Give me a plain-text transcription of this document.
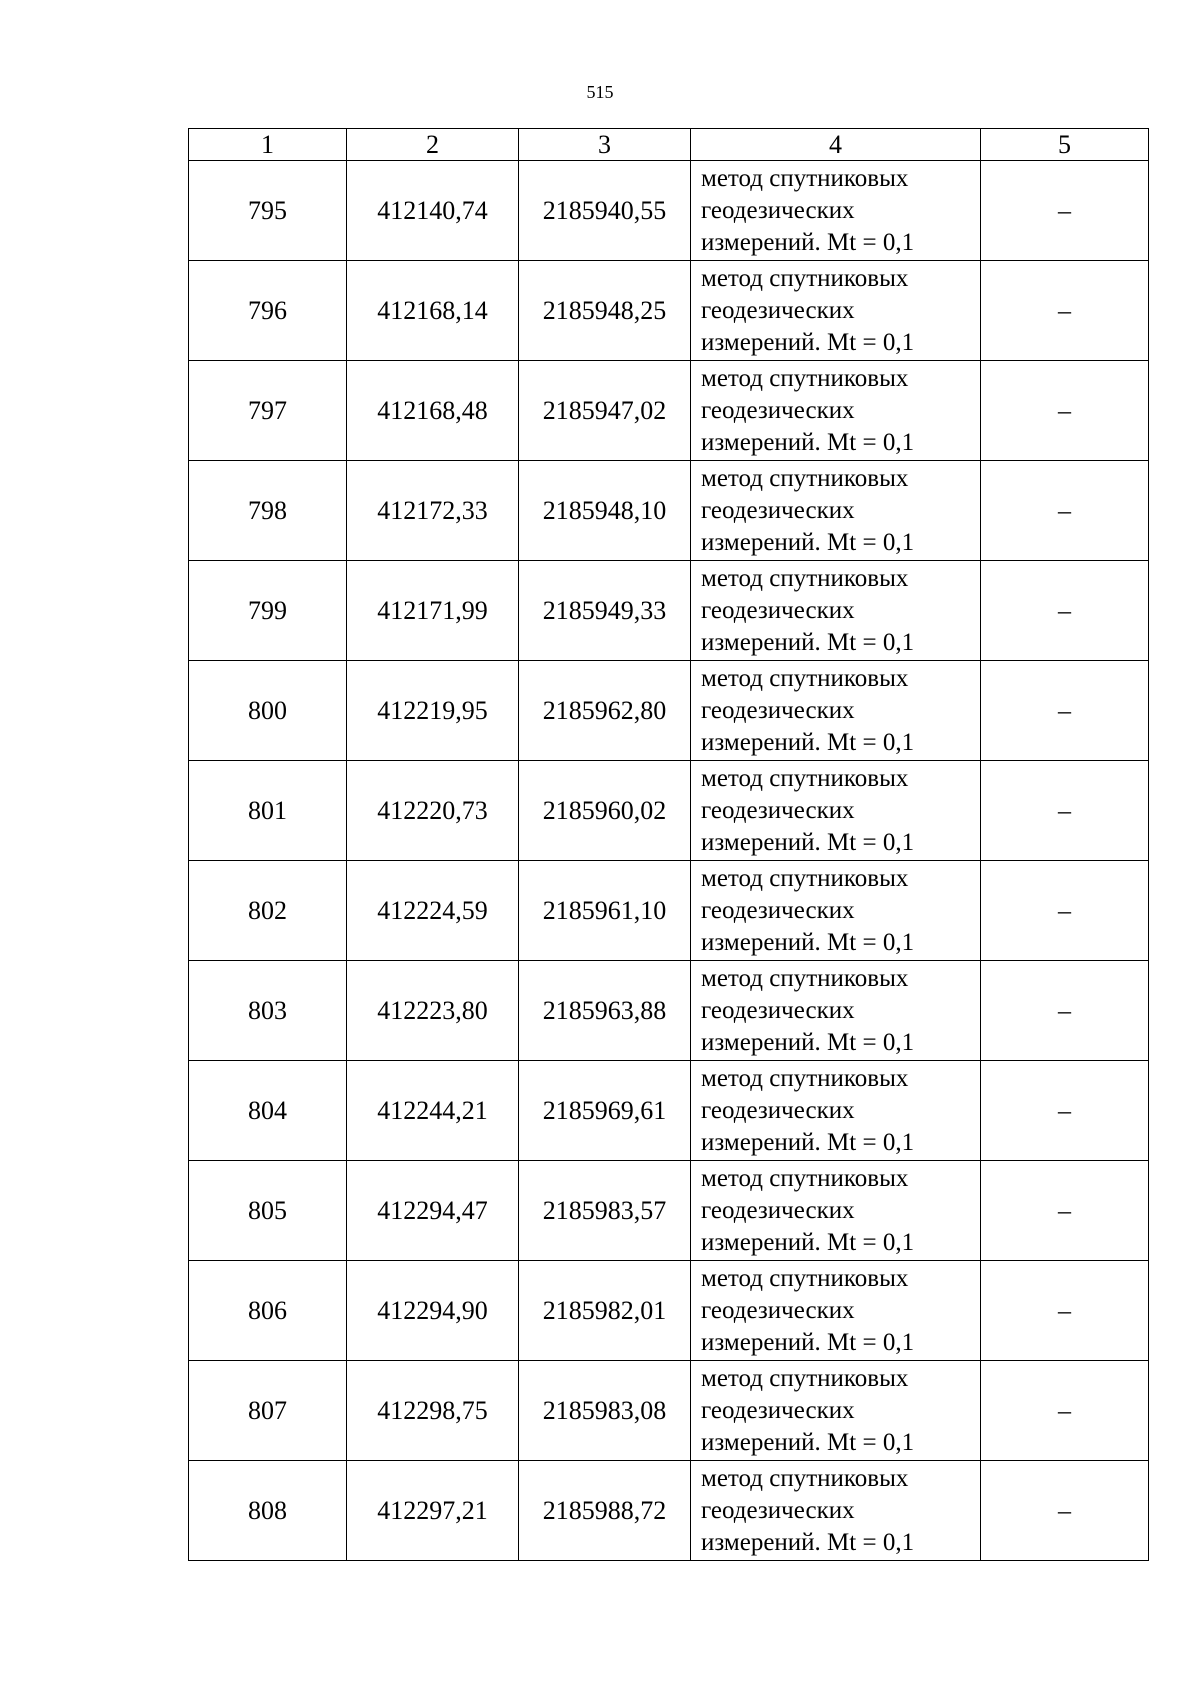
515
1	2	3	4	5
795	412140,74	2185940,55	метод спутниковых
геодезических
измерений. Mt = 0,1	–
796	412168,14	2185948,25	метод спутниковых
геодезических
измерений. Mt = 0,1	–
797	412168,48	2185947,02	метод спутниковых
геодезических
измерений. Mt = 0,1	–
798	412172,33	2185948,10	метод спутниковых
геодезических
измерений. Mt = 0,1	–
799	412171,99	2185949,33	метод спутниковых
геодезических
измерений. Mt = 0,1	–
800	412219,95	2185962,80	метод спутниковых
геодезических
измерений. Mt = 0,1	–
801	412220,73	2185960,02	метод спутниковых
геодезических
измерений. Mt = 0,1	–
802	412224,59	2185961,10	метод спутниковых
геодезических
измерений. Mt = 0,1	–
803	412223,80	2185963,88	метод спутниковых
геодезических
измерений. Mt = 0,1	–
804	412244,21	2185969,61	метод спутниковых
геодезических
измерений. Mt = 0,1	–
805	412294,47	2185983,57	метод спутниковых
геодезических
измерений. Mt = 0,1	–
806	412294,90	2185982,01	метод спутниковых
геодезических
измерений. Mt = 0,1	–
807	412298,75	2185983,08	метод спутниковых
геодезических
измерений. Mt = 0,1	–
808	412297,21	2185988,72	метод спутниковых
геодезических
измерений. Mt = 0,1	–
